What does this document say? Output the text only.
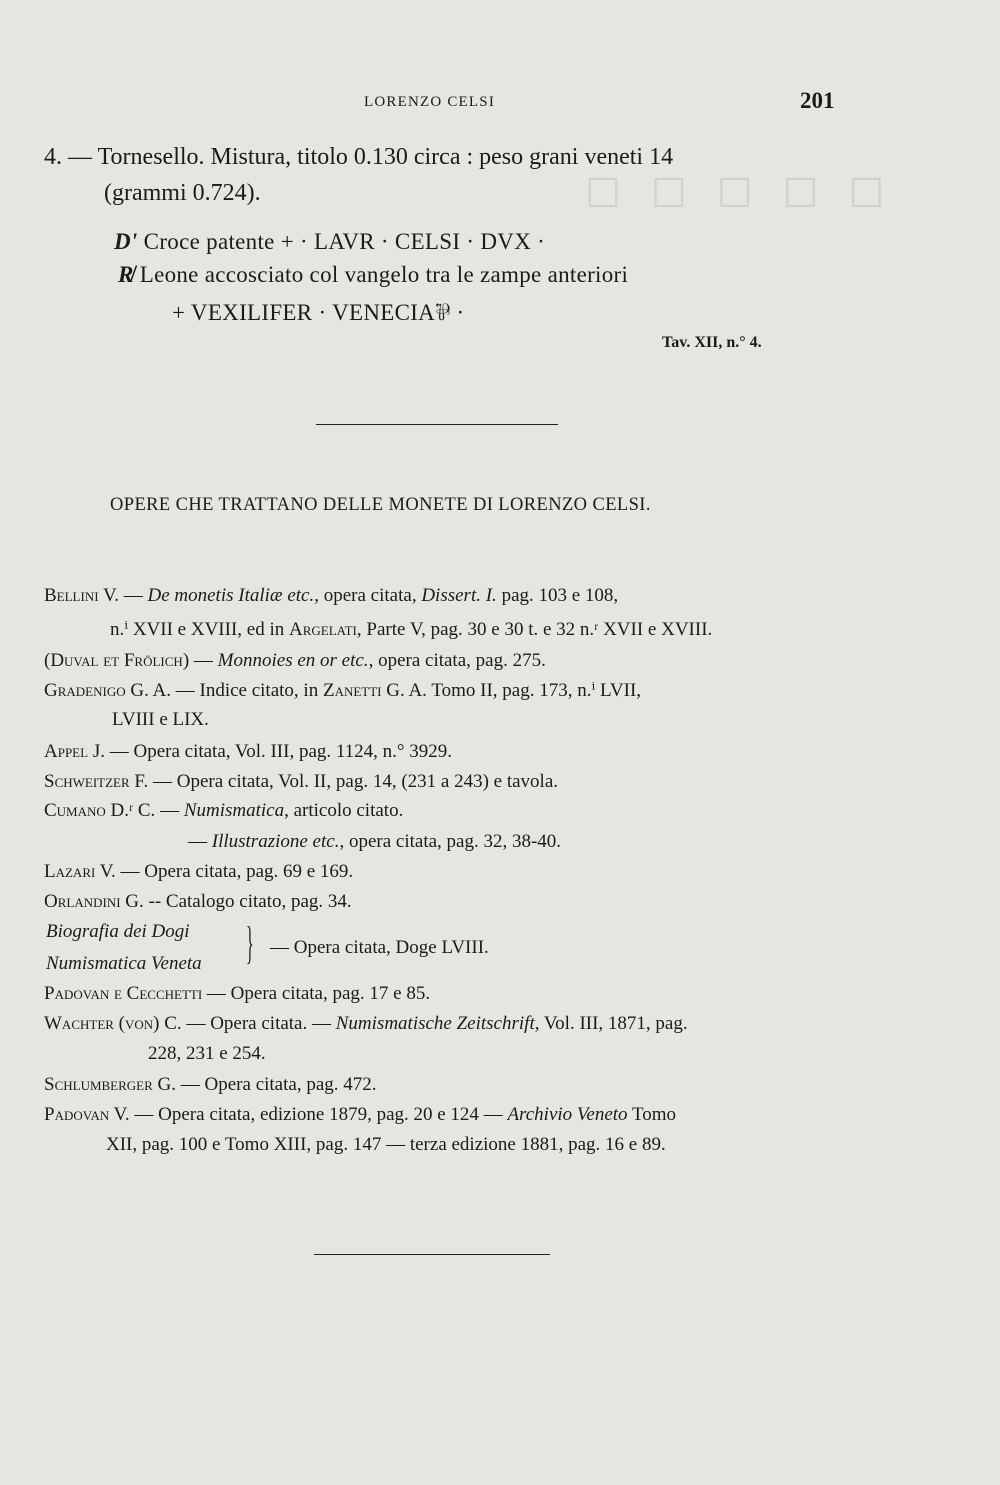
☐ ☐ ☐ ☐ ☐
LORENZO CELSI	201
4. — Tornesello. Mistura, titolo 0.130 circa : peso grani veneti 14
(grammi 0.724).
D' Croce patente + · LAVR · CELSI · DVX ·
R̸ Leone accosciato col vangelo tra le zampe anteriori
+ VEXILIFER · VENECIA⅌ ·
Tav. XII, n.° 4.
OPERE CHE TRATTANO DELLE MONETE DI LORENZO CELSI.
Bellini V. — De monetis Italiæ etc., opera citata, Dissert. I. pag. 103 e 108,
n.ⁱ XVII e XVIII, ed in Argelati, Parte V, pag. 30 e 30 t. e 32 n.ʳ XVII e XVIII.
(Duval et Frölich) — Monnoies en or etc., opera citata, pag. 275.
Gradenigo G. A. — Indice citato, in Zanetti G. A. Tomo II, pag. 173, n.ⁱ LVII,
LVIII e LIX.
Appel J. — Opera citata, Vol. III, pag. 1124, n.° 3929.
Schweitzer F. — Opera citata, Vol. II, pag. 14, (231 a 243) e tavola.
Cumano D.ʳ C. — Numismatica, articolo citato.
— Illustrazione etc., opera citata, pag. 32, 38-40.
Lazari V. — Opera citata, pag. 69 e 169.
Orlandini G. -- Catalogo citato, pag. 34.
Biografia dei Dogi
Numismatica Veneta } — Opera citata, Doge LVIII.
Padovan e Cecchetti — Opera citata, pag. 17 e 85.
Wachter (von) C. — Opera citata. — Numismatische Zeitschrift, Vol. III, 1871, pag.
228, 231 e 254.
Schlumberger G. — Opera citata, pag. 472.
Padovan V. — Opera citata, edizione 1879, pag. 20 e 124 — Archivio Veneto Tomo
XII, pag. 100 e Tomo XIII, pag. 147 — terza edizione 1881, pag. 16 e 89.
